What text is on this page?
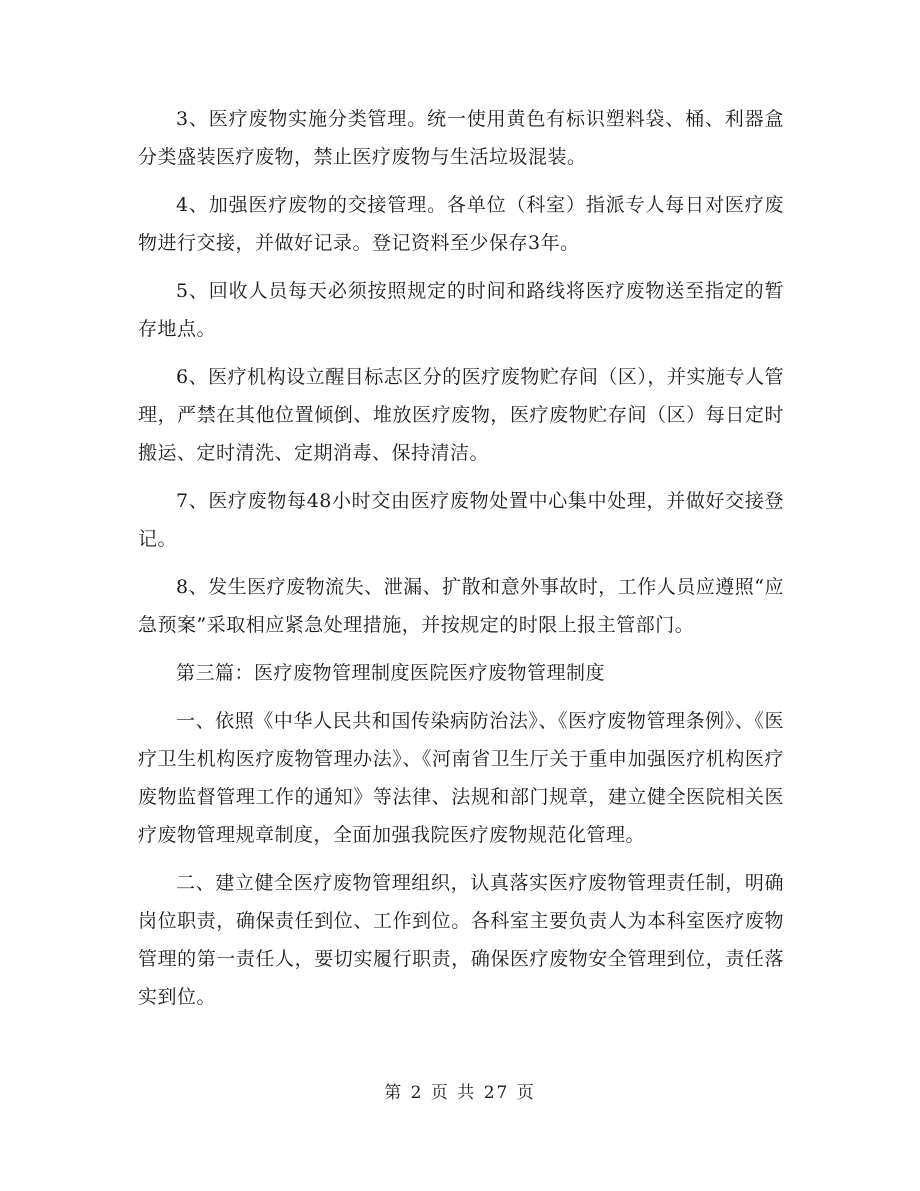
3、医疗废物实施分类管理。统一使用黄色有标识塑料袋、桶、利器盒分类盛装医疗废物，禁止医疗废物与生活垃圾混装。

4、加强医疗废物的交接管理。各单位（科室）指派专人每日对医疗废物进行交接，并做好记录。登记资料至少保存3年。

5、回收人员每天必须按照规定的时间和路线将医疗废物送至指定的暂存地点。

6、医疗机构设立醒目标志区分的医疗废物贮存间（区），并实施专人管理，严禁在其他位置倾倒、堆放医疗废物，医疗废物贮存间（区）每日定时搬运、定时清洗、定期消毒、保持清洁。

7、医疗废物每48小时交由医疗废物处置中心集中处理，并做好交接登记。

8、发生医疗废物流失、泄漏、扩散和意外事故时，工作人员应遵照“应急预案”采取相应紧急处理措施，并按规定的时限上报主管部门。

第三篇：医疗废物管理制度医院医疗废物管理制度

一、依照《中华人民共和国传染病防治法》、《医疗废物管理条例》、《医疗卫生机构医疗废物管理办法》、《河南省卫生厅关于重申加强医疗机构医疗废物监督管理工作的通知》等法律、法规和部门规章，建立健全医院相关医疗废物管理规章制度，全面加强我院医疗废物规范化管理。

二、建立健全医疗废物管理组织，认真落实医疗废物管理责任制，明确岗位职责，确保责任到位、工作到位。各科室主要负责人为本科室医疗废物管理的第一责任人，要切实履行职责，确保医疗废物安全管理到位，责任落实到位。

第 2 页 共 27 页
